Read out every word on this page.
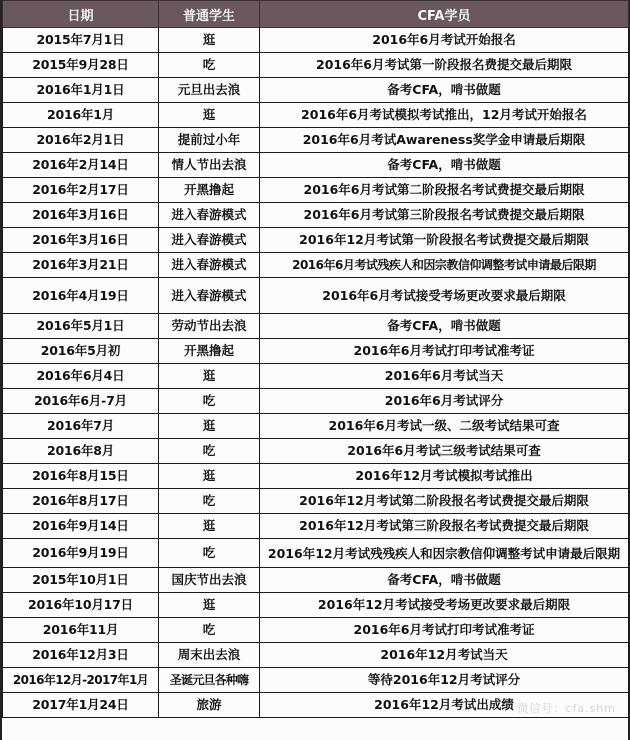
日期	普通学生	CFA学员
2015年7月1日	逛	2016年6月考试开始报名
2015年9月28日	吃	2016年6月考试第一阶段报名费提交最后期限
2016年1月1日	元旦出去浪	备考CFA，啃书做题
2016年1月	逛	2016年6月考试模拟考试推出，12月考试开始报名
2016年2月1日	提前过小年	2016年6月考试Awareness奖学金申请最后期限
2016年2月14日	情人节出去浪	备考CFA，啃书做题
2016年2月17日	开黑撸起	2016年6月考试第二阶段报名考试费提交最后期限
2016年3月16日	进入春游模式	2016年6月考试第三阶段报名考试费提交最后期限
2016年3月16日	进入春游模式	2016年12月考试第一阶段报名考试费提交最后期限
2016年3月21日	进入春游模式	2016年6月考试残疾人和因宗教信仰调整考试申请最后限期
2016年4月19日	进入春游模式	2016年6月考试接受考场更改要求最后期限
2016年5月1日	劳动节出去浪	备考CFA，啃书做题
2016年5月初	开黑撸起	2016年6月考试打印考试准考证
2016年6月4日	逛	2016年6月考试当天
2016年6月-7月	吃	2016年6月考试评分
2016年7月	逛	2016年6月考试一级、二级考试结果可查
2016年8月	吃	2016年6月考试三级考试结果可查
2016年8月15日	逛	2016年12月考试模拟考试推出
2016年8月17日	吃	2016年12月考试第二阶段报名考试费提交最后期限
2016年9月14日	逛	2016年12月考试第三阶段报名考试费提交最后期限
2016年9月19日	吃	2016年12月考试残残疾人和因宗教信仰调整考试申请最后限期
2015年10月1日	国庆节出去浪	备考CFA，啃书做题
2016年10月17日	逛	2016年12月考试接受考场更改要求最后期限
2016年11月	吃	2016年6月考试打印考试准考证
2016年12月3日	周末出去浪	2016年12月考试当天
2016年12月-2017年1月	圣诞元旦各种嗨	等待2016年12月考试评分
2017年1月24日	旅游	2016年12月考试出成绩 微信号：cfa.shm
